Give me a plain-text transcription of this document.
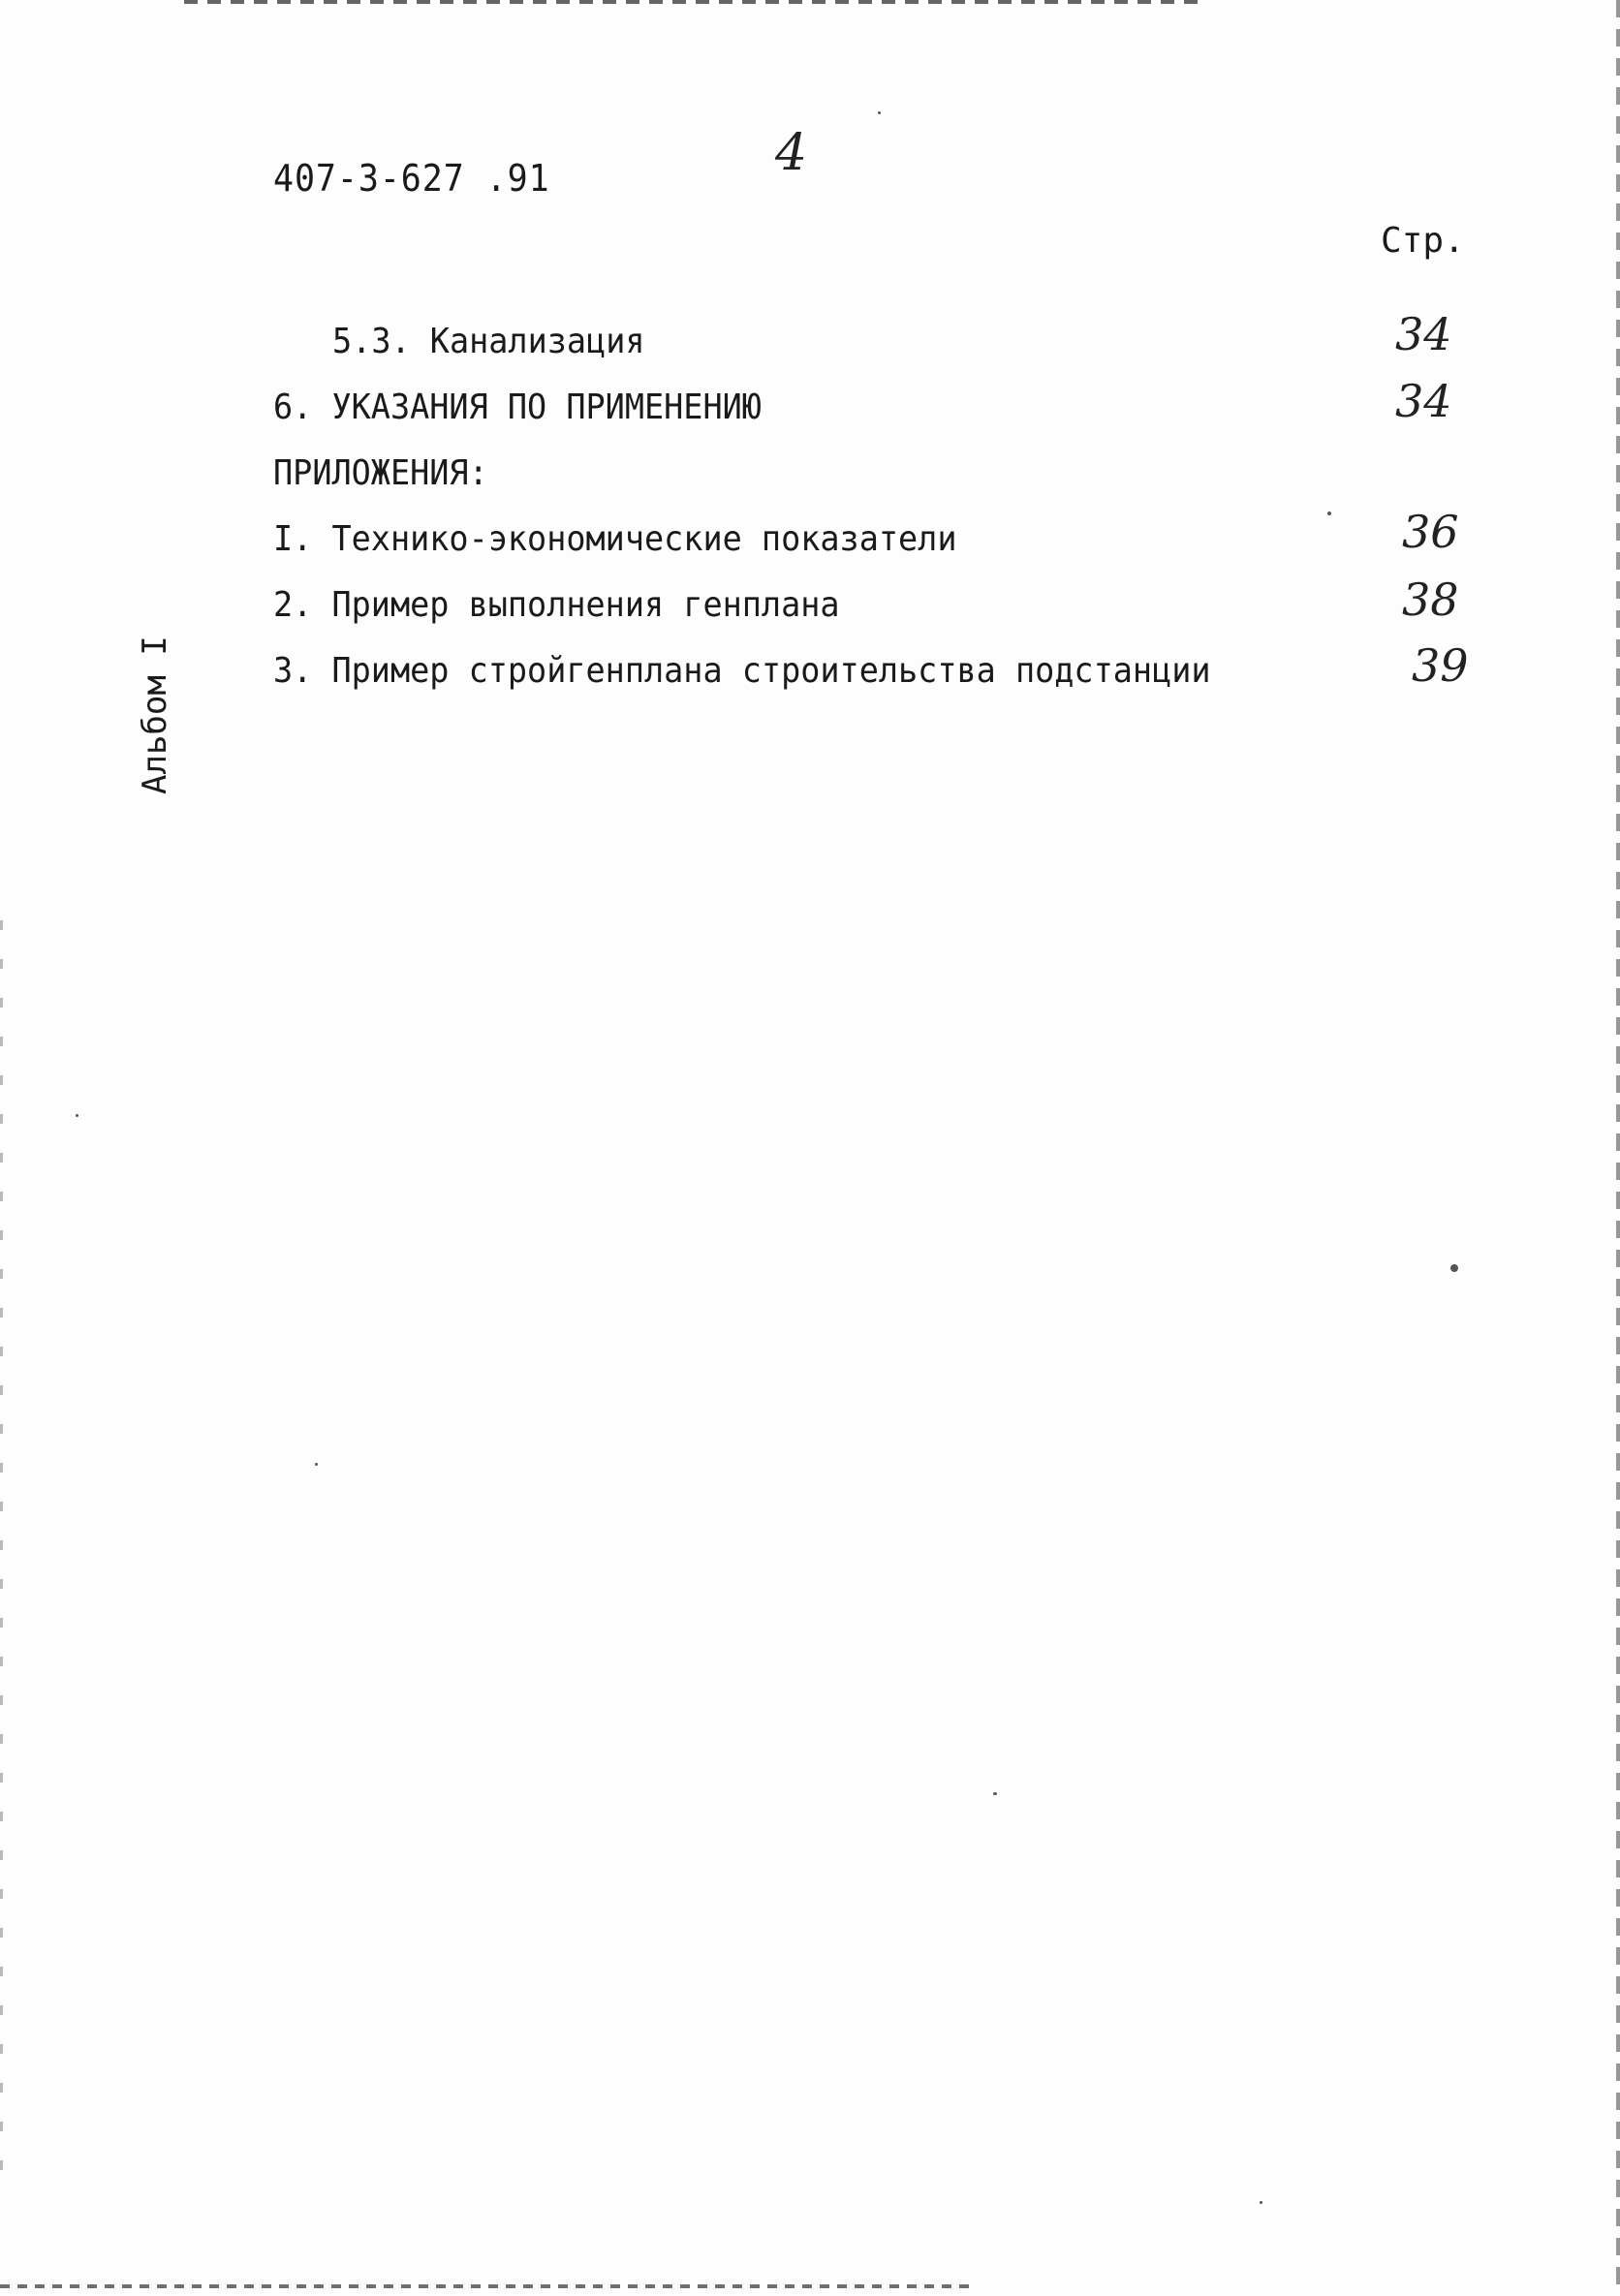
407-3-627 .91	4
Стр.
5.3. Канализация	34
6. УКАЗАНИЯ ПО ПРИМЕНЕНИЮ	34
ПРИЛОЖЕНИЯ:
I. Технико-экономические показатели	36
2. Пример выполнения генплана	38
3. Пример стройгенплана строительства подстанции	39
Альбом I
